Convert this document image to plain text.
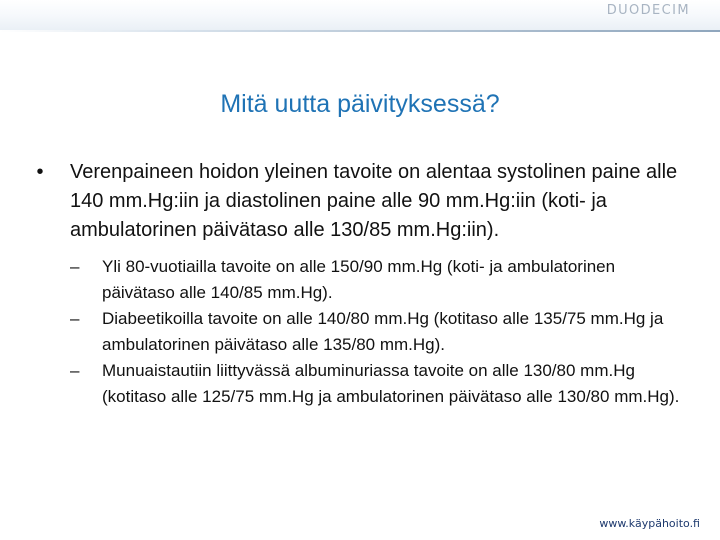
DUODECIM
Mitä uutta päivityksessä?
•	Verenpaineen hoidon yleinen tavoite on alentaa systolinen paine alle 140 mm.Hg:iin ja diastolinen paine alle 90 mm.Hg:iin (koti- ja ambulatorinen päivätaso alle 130/85 mm.Hg:iin).
– Yli 80-vuotiailla tavoite on alle 150/90 mm.Hg (koti- ja ambulatorinen päivätaso alle 140/85 mm.Hg).
– Diabeetikoilla tavoite on alle 140/80 mm.Hg (kotitaso alle 135/75 mm.Hg ja ambulatorinen päivätaso alle 135/80 mm.Hg).
– Munuaistautiin liittyvässä albuminuriassa tavoite on alle 130/80 mm.Hg (kotitaso alle 125/75 mm.Hg ja ambulatorinen päivätaso alle 130/80 mm.Hg).
www.käypähoito.fi
